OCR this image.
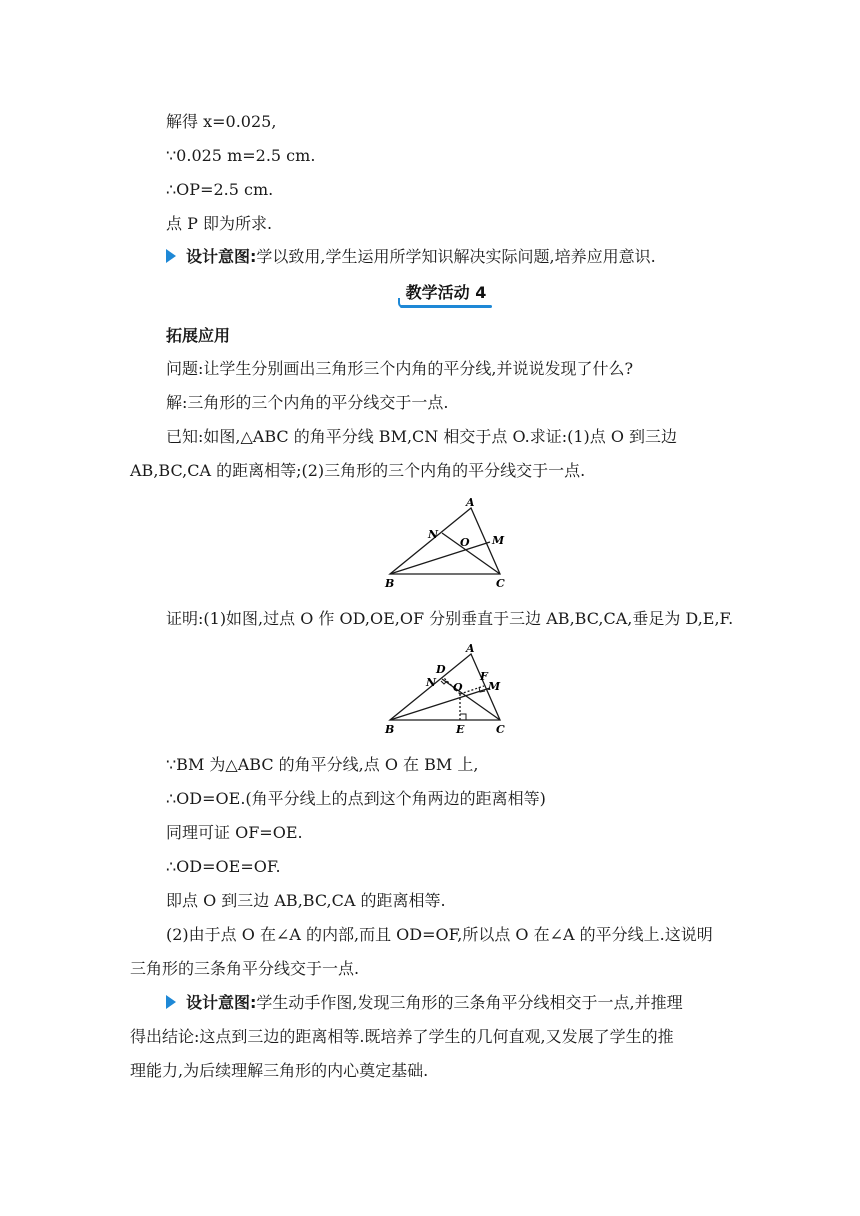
解得 x=0.025,
∵0.025 m=2.5 cm.
∴OP=2.5 cm.
点 P 即为所求.
设计意图:学以致用,学生运用所学知识解决实际问题,培养应用意识.
教学活动 4
拓展应用
问题:让学生分别画出三角形三个内角的平分线,并说说发现了什么?
解:三角形的三个内角的平分线交于一点.
已知:如图,△ABC 的角平分线 BM,CN 相交于点 O.求证:(1)点 O 到三边
AB,BC,CA 的距离相等;(2)三角形的三个内角的平分线交于一点.
A
B	C
N	M
O
证明:(1)如图,过点 O 作 OD,OE,OF 分别垂直于三边 AB,BC,CA,垂足为 D,E,F.
A
B	C
D
N O
F
M
E
∵BM 为△ABC 的角平分线,点 O 在 BM 上,
∴OD=OE.(角平分线上的点到这个角两边的距离相等)
同理可证 OF=OE.
∴OD=OE=OF.
即点 O 到三边 AB,BC,CA 的距离相等.
(2)由于点 O 在∠A 的内部,而且 OD=OF,所以点 O 在∠A 的平分线上.这说明
三角形的三条角平分线交于一点.
设计意图:学生动手作图,发现三角形的三条角平分线相交于一点,并推理
得出结论:这点到三边的距离相等.既培养了学生的几何直观,又发展了学生的推
理能力,为后续理解三角形的内心奠定基础.
